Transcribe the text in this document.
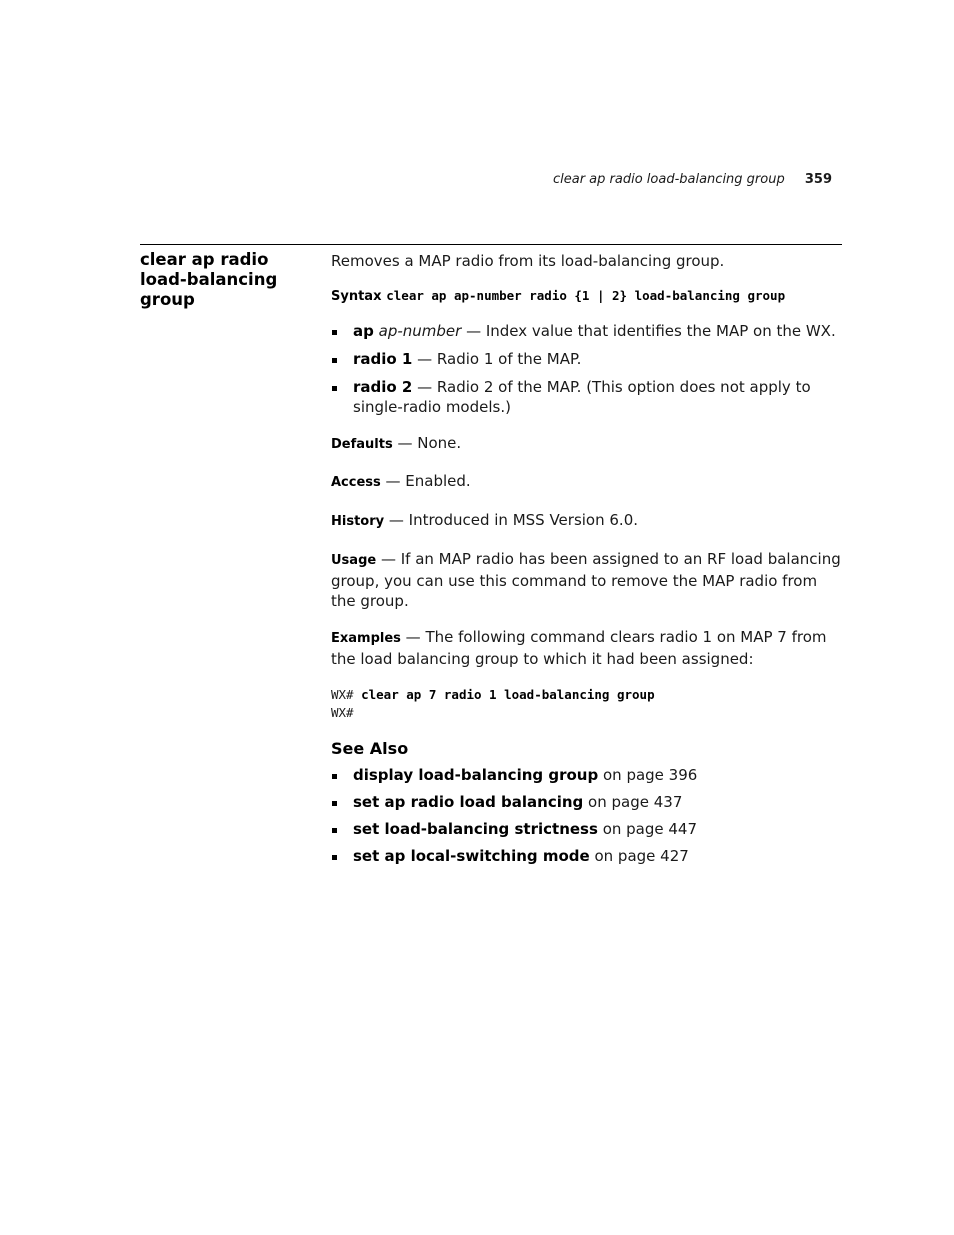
clear ap radio load-balancing group 359
clear ap radio
load-balancing
group

Removes a MAP radio from its load-balancing group.

Syntax clear ap ap-number radio {1 | 2} load-balancing group

ap ap-number — Index value that identifies the MAP on the WX.
radio 1 — Radio 1 of the MAP.
radio 2 — Radio 2 of the MAP. (This option does not apply to single-radio models.)

Defaults — None.

Access — Enabled.

History — Introduced in MSS Version 6.0.

Usage — If an MAP radio has been assigned to an RF load balancing group, you can use this command to remove the MAP radio from the group.

Examples — The following command clears radio 1 on MAP 7 from the load balancing group to which it had been assigned:

WX# clear ap 7 radio 1 load-balancing group
WX#
See Also
display load-balancing group on page 396
set ap radio load balancing on page 437
set load-balancing strictness on page 447
set ap local-switching mode on page 427
